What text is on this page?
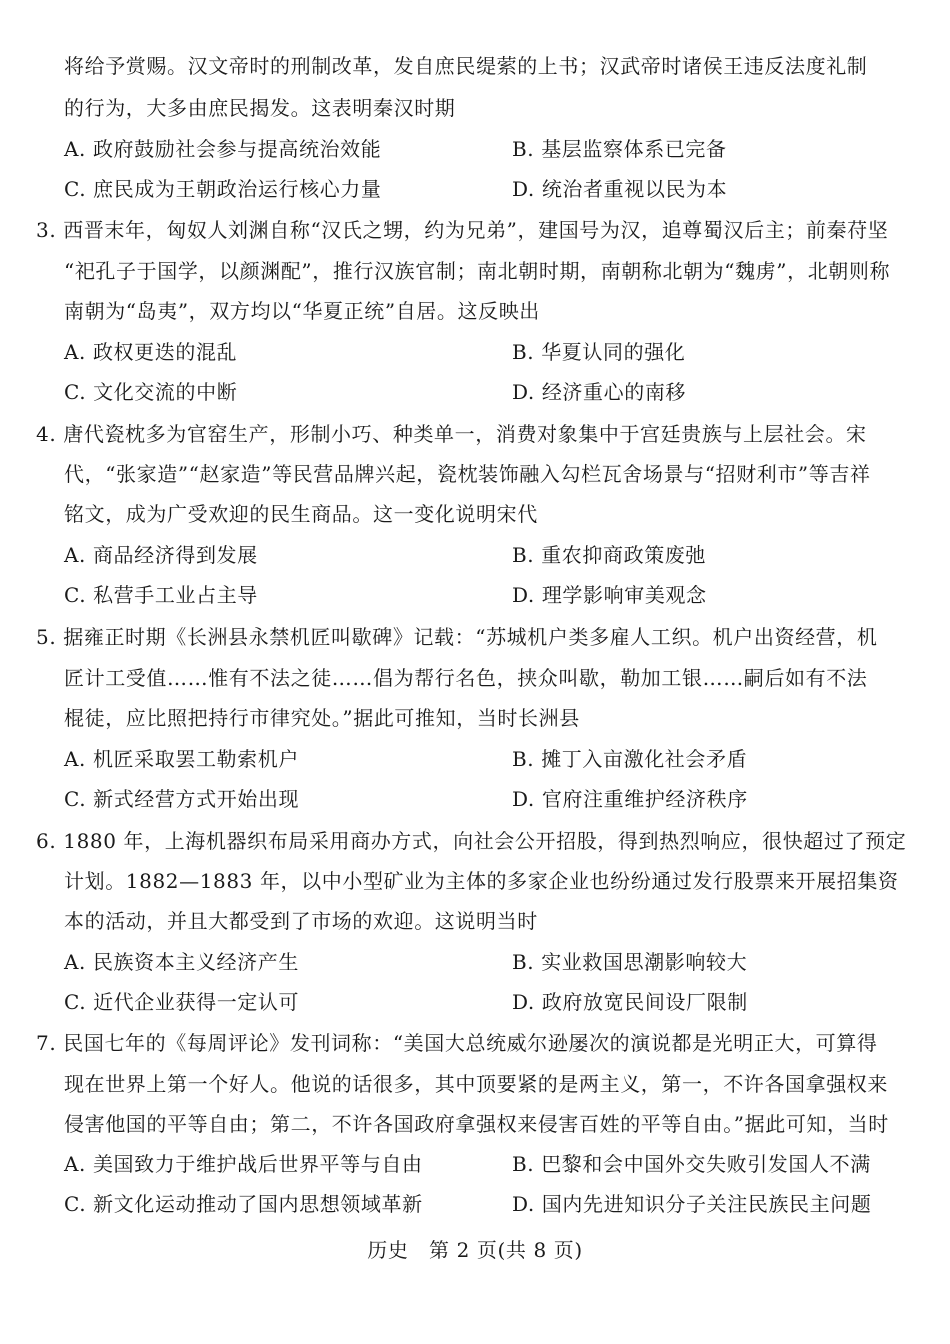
将给予赏赐。汉文帝时的刑制改革，发自庶民缇萦的上书；汉武帝时诸侯王违反法度礼制
的行为，大多由庶民揭发。这表明秦汉时期
A. 政府鼓励社会参与提高统治效能	B. 基层监察体系已完备
C. 庶民成为王朝政治运行核心力量	D. 统治者重视以民为本
3. 西晋末年，匈奴人刘渊自称“汉氏之甥，约为兄弟”，建国号为汉，追尊蜀汉后主；前秦苻坚
“祀孔子于国学，以颜渊配”，推行汉族官制；南北朝时期，南朝称北朝为“魏虏”，北朝则称
南朝为“岛夷”，双方均以“华夏正统”自居。这反映出
A. 政权更迭的混乱	B. 华夏认同的强化
C. 文化交流的中断	D. 经济重心的南移
4. 唐代瓷枕多为官窑生产，形制小巧、种类单一，消费对象集中于宫廷贵族与上层社会。宋
代，“张家造”“赵家造”等民营品牌兴起，瓷枕装饰融入勾栏瓦舍场景与“招财利市”等吉祥
铭文，成为广受欢迎的民生商品。这一变化说明宋代
A. 商品经济得到发展	B. 重农抑商政策废弛
C. 私营手工业占主导	D. 理学影响审美观念
5. 据雍正时期《长洲县永禁机匠叫歇碑》记载：“苏城机户类多雇人工织。机户出资经营，机
匠计工受值……惟有不法之徒……倡为帮行名色，挟众叫歇，勒加工银……嗣后如有不法
棍徒，应比照把持行市律究处。”据此可推知，当时长洲县
A. 机匠采取罢工勒索机户	B. 摊丁入亩激化社会矛盾
C. 新式经营方式开始出现	D. 官府注重维护经济秩序
6. 1880 年，上海机器织布局采用商办方式，向社会公开招股，得到热烈响应，很快超过了预定
计划。1882—1883 年，以中小型矿业为主体的多家企业也纷纷通过发行股票来开展招集资
本的活动，并且大都受到了市场的欢迎。这说明当时
A. 民族资本主义经济产生	B. 实业救国思潮影响较大
C. 近代企业获得一定认可	D. 政府放宽民间设厂限制
7. 民国七年的《每周评论》发刊词称：“美国大总统威尔逊屡次的演说都是光明正大，可算得
现在世界上第一个好人。他说的话很多，其中顶要紧的是两主义，第一，不许各国拿强权来
侵害他国的平等自由；第二，不许各国政府拿强权来侵害百姓的平等自由。”据此可知，当时
A. 美国致力于维护战后世界平等与自由	B. 巴黎和会中国外交失败引发国人不满
C. 新文化运动推动了国内思想领域革新	D. 国内先进知识分子关注民族民主问题
历史　第 2 页(共 8 页)
